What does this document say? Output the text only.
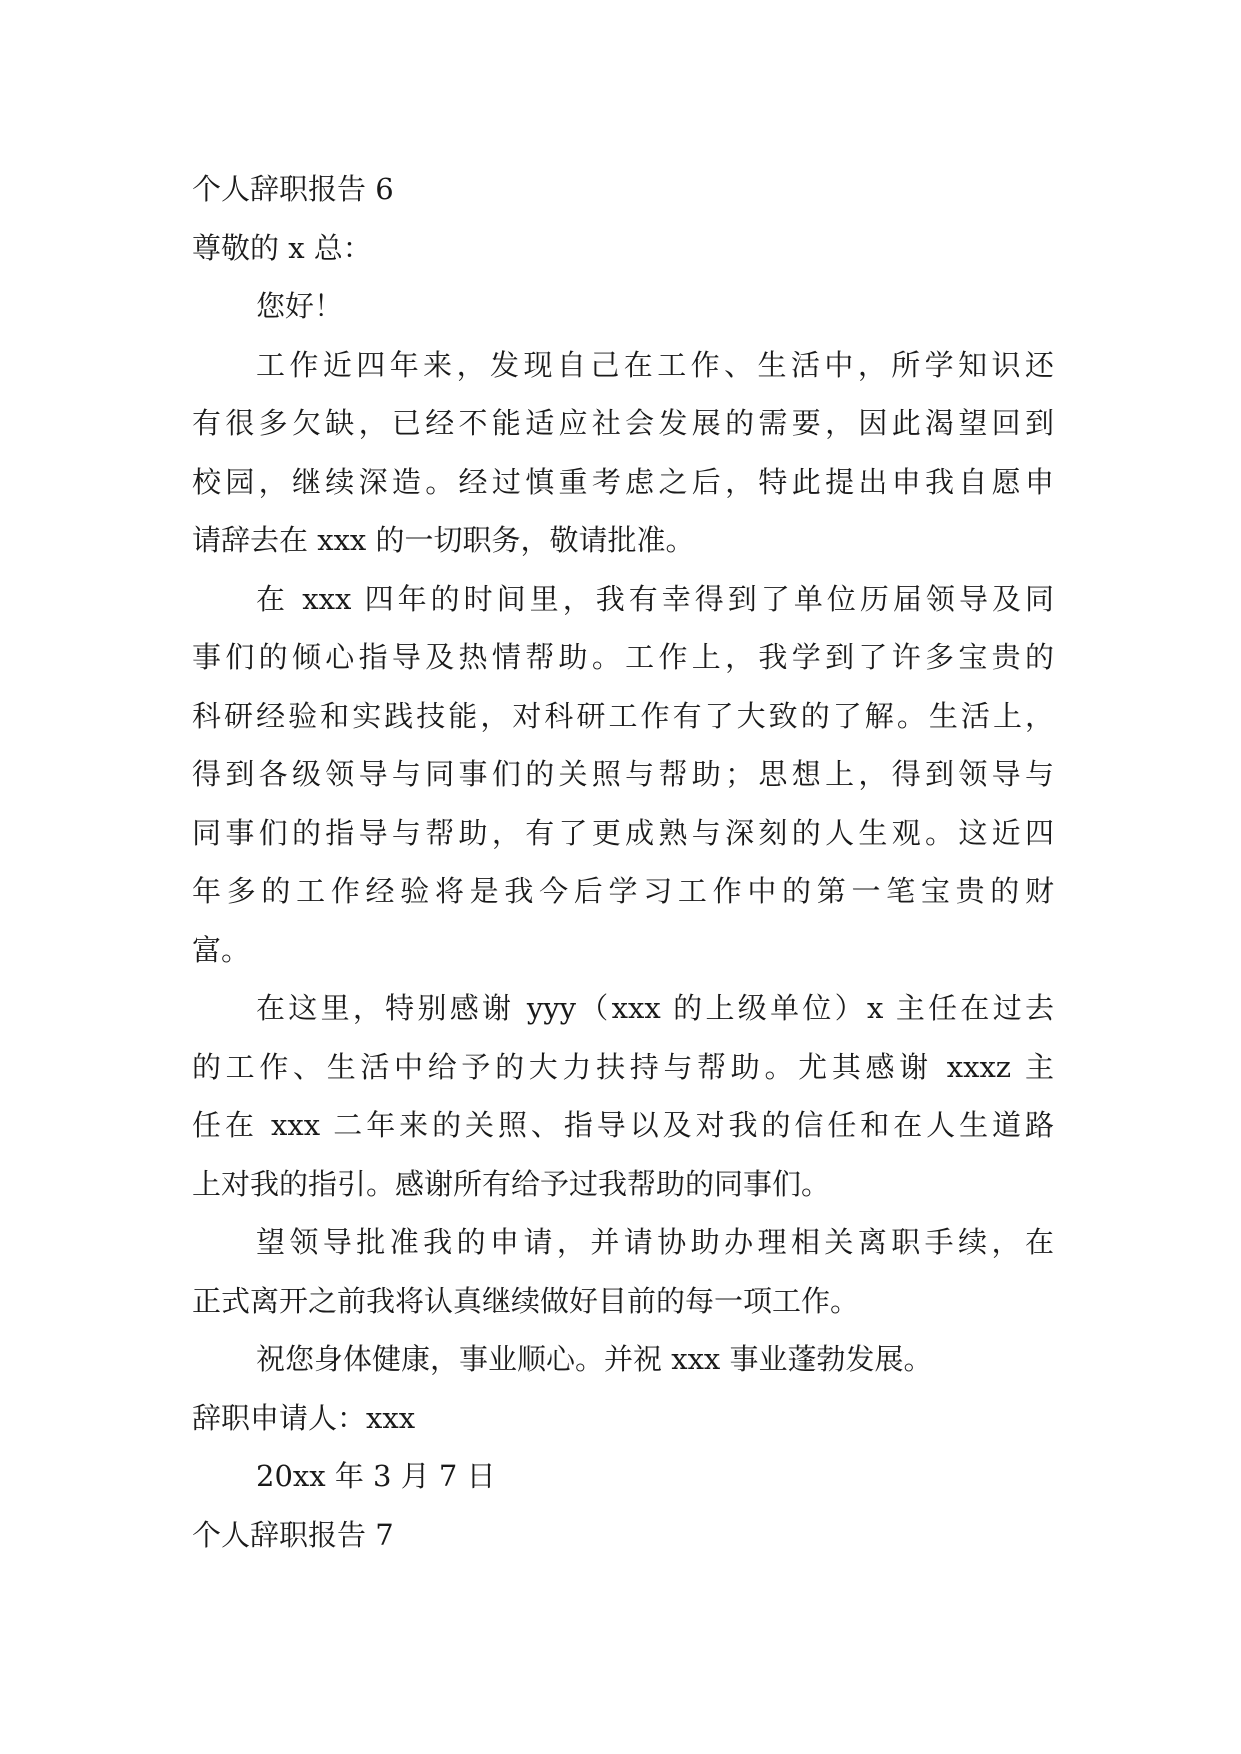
个人辞职报告 6
尊敬的 x 总：
您好！
工作近四年来，发现自己在工作、生活中，所学知识还
有很多欠缺，已经不能适应社会发展的需要，因此渴望回到
校园，继续深造。经过慎重考虑之后，特此提出申我自愿申
请辞去在 xxx 的一切职务，敬请批准。
在 xxx 四年的时间里，我有幸得到了单位历届领导及同
事们的倾心指导及热情帮助。工作上，我学到了许多宝贵的
科研经验和实践技能，对科研工作有了大致的了解。生活上，
得到各级领导与同事们的关照与帮助；思想上，得到领导与
同事们的指导与帮助，有了更成熟与深刻的人生观。这近四
年多的工作经验将是我今后学习工作中的第一笔宝贵的财
富。
在这里，特别感谢 yyy（xxx 的上级单位）x 主任在过去
的工作、生活中给予的大力扶持与帮助。尤其感谢 xxxz 主
任在 xxx 二年来的关照、指导以及对我的信任和在人生道路
上对我的指引。感谢所有给予过我帮助的同事们。
望领导批准我的申请，并请协助办理相关离职手续，在
正式离开之前我将认真继续做好目前的每一项工作。
祝您身体健康，事业顺心。并祝 xxx 事业蓬勃发展。
辞职申请人：xxx
20xx 年 3 月 7 日
个人辞职报告 7
